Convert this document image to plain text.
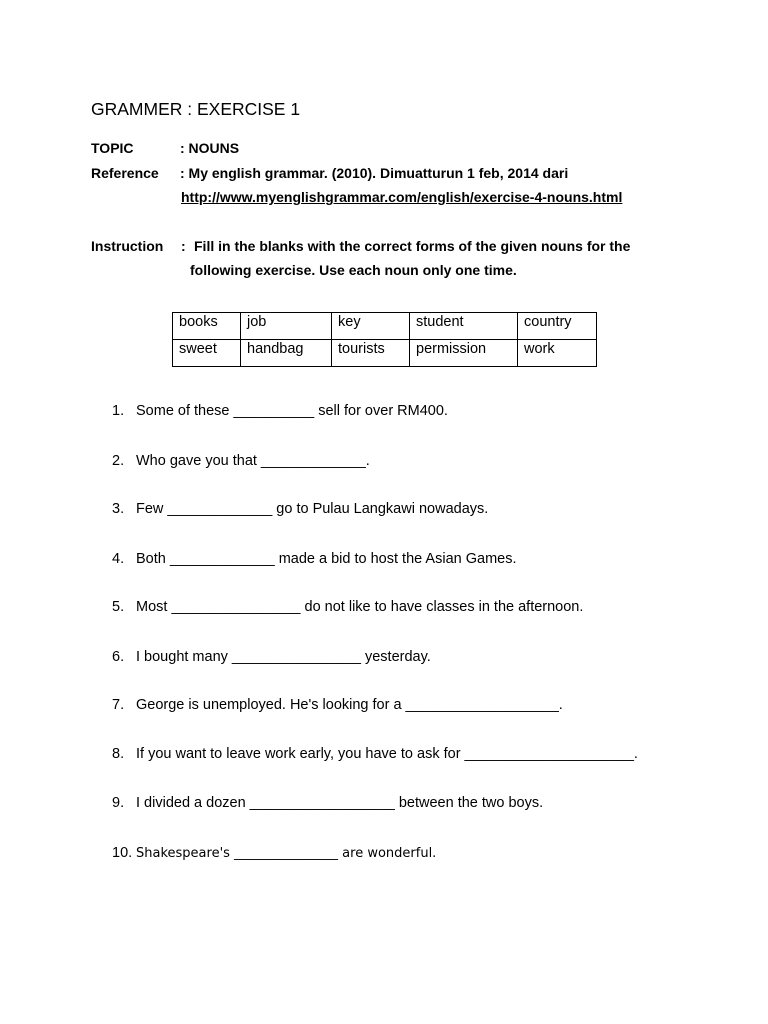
GRAMMER : EXERCISE 1
TOPIC	: NOUNS
Reference : My english grammar. (2010). Dimuatturun 1 feb, 2014 dari
http://www.myenglishgrammar.com/english/exercise-4-nouns.html
Instruction : Fill in the blanks with the correct forms of the given nouns for the
following exercise. Use each noun only one time.
books	job	key	student	country
sweet	handbag	tourists	permission	work
1. Some of these __________ sell for over RM400.
2. Who gave you that _____________.
3. Few _____________ go to Pulau Langkawi nowadays.
4. Both _____________ made a bid to host the Asian Games.
5. Most ________________ do not like to have classes in the afternoon.
6. I bought many ________________ yesterday.
7. George is unemployed. He's looking for a ___________________.
8. If you want to leave work early, you have to ask for _____________________.
9. I divided a dozen __________________ between the two boys.
10. Shakespeare's ________________ are wonderful.
